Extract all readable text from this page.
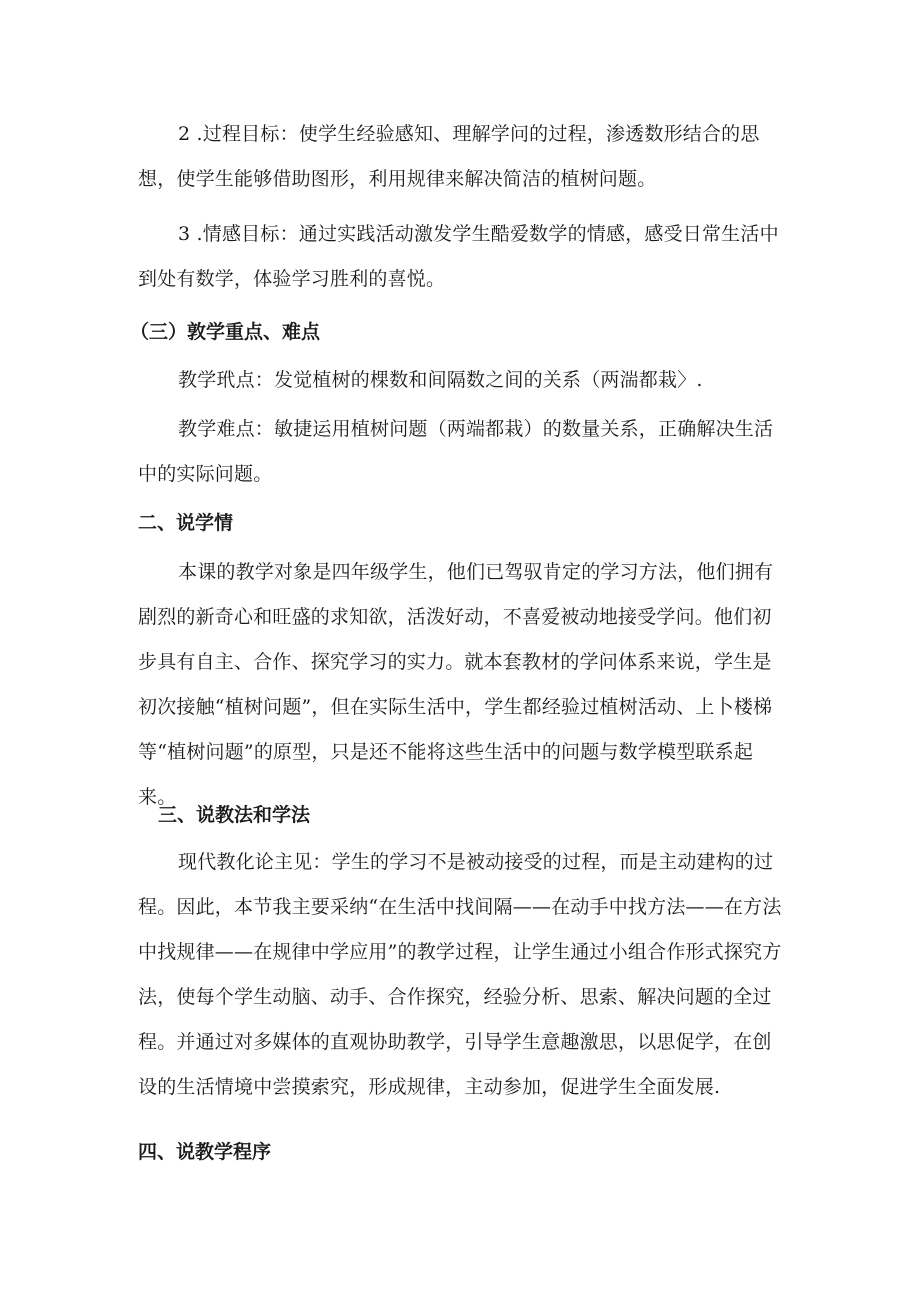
2 .过程目标：使学生经验感知、理解学问的过程，渗透数形结合的思想，使学生能够借助图形，利用规律来解决简洁的植树问题。

3 .情感目标：通过实践活动激发学生酷爱数学的情感，感受日常生活中到处有数学，体验学习胜利的喜悦。

（三）敦学重点、难点

教学玳点：发觉植树的棵数和间隔数之间的关系（两湍都栽〉.

教学难点：敏捷运用植树问题（两端都栽）的数量关系，正确解决生活中的实际问题。

二、说学情

本课的教学对象是四年级学生，他们已驾驭肯定的学习方法，他们拥有剧烈的新奇心和旺盛的求知欲，活泼好动，不喜爱被动地接受学问。他们初步具有自主、合作、探究学习的实力。就本套教材的学问体系来说，学生是初次接触“植树问题”，但在实际生活中，学生都经验过植树活动、上卜楼梯等“植树问题”的原型，只是还不能将这些生活中的问题与数学模型联系起来。

三、说教法和学法

现代教化论主见：学生的学习不是被动接受的过程，而是主动建构的过程。因此，本节我主要采纳“在生活中找间隔——在动手中找方法——在方法中找规律——在规律中学应用”的教学过程，让学生通过小组合作形式探究方法，使每个学生动脑、动手、合作探究，经验分析、思索、解决问题的全过程。并通过对多媒体的直观协助教学，引导学生意趣激思，以思促学，在创设的生活情境中尝摸索究，形成规律，主动参加，促进学生全面发展.

四、说教学程序
